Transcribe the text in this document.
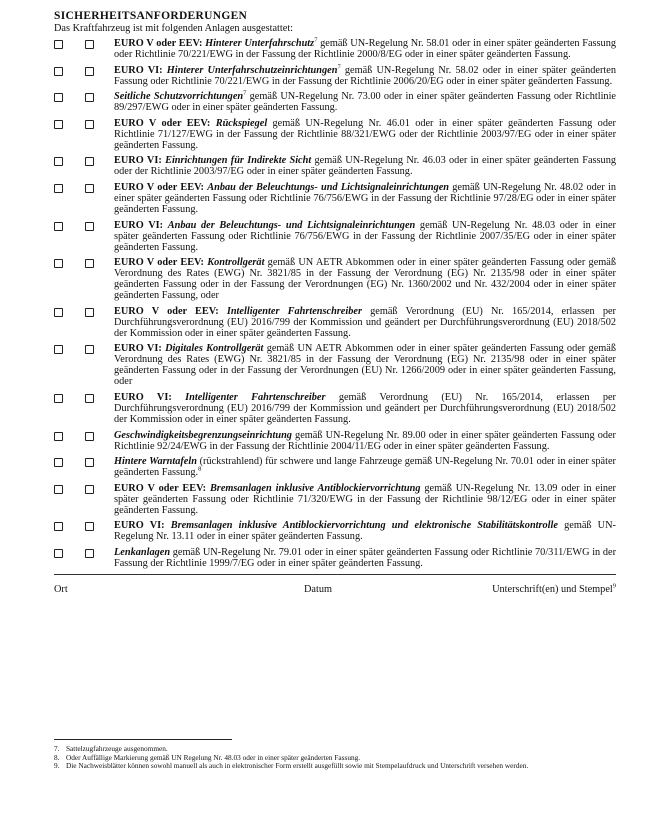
SICHERHEITSANFORDERUNGEN

Das Kraftfahrzeug ist mit folgenden Anlagen ausgestattet:

EURO V oder EEV: Hinterer Unterfahrschutz$^7$ gemäß UN-Regelung Nr. 58.01 oder in einer später geänderten Fassung oder Richtlinie 70/221/EWG in der Fassung der Richtlinie 2000/8/EG oder in einer später geänderten Fassung.
EURO VI: Hinterer Unterfahrschutzeinrichtungen$^7$ gemäß UN-Regelung Nr. 58.02 oder in einer später geänderten Fassung oder Richtlinie 70/221/EWG in der Fassung der Richtlinie 2006/20/EG oder in einer später geänderten Fassung.
Seitliche Schutzvorrichtungen$^7$ gemäß UN-Regelung Nr. 73.00 oder in einer später geänderten Fassung oder Richtlinie 89/297/EWG oder in einer später geänderten Fassung.
EURO V oder EEV: Rückspiegel gemäß UN-Regelung Nr. 46.01 oder in einer später geänderten Fassung oder Richtlinie 71/127/EWG in der Fassung der Richtlinie 88/321/EWG oder der Richtlinie 2003/97/EG oder in einer später geänderten Fassung.
EURO VI: Einrichtungen für Indirekte Sicht gemäß UN-Regelung Nr. 46.03 oder in einer später geänderten Fassung oder der Richtlinie 2003/97/EG oder in einer später geänderten Fassung.
EURO V oder EEV: Anbau der Beleuchtungs- und Lichtsignaleinrichtungen gemäß UN-Regelung Nr. 48.02 oder in einer später geänderten Fassung oder Richtlinie 76/756/EWG in der Fassung der Richtlinie 97/28/EG oder in einer später geänderten Fassung.
EURO VI: Anbau der Beleuchtungs- und Lichtsignaleinrichtungen gemäß UN-Regelung Nr. 48.03 oder in einer später geänderten Fassung oder Richtlinie 76/756/EWG in der Fassung der Richtlinie 2007/35/EG oder in einer später geänderten Fassung.
EURO V oder EEV: Kontrollgerät gemäß UN AETR Abkommen oder in einer später geänderten Fassung oder gemäß Verordnung des Rates (EWG) Nr. 3821/85 in der Fassung der Verordnung (EG) Nr. 2135/98 oder in einer später geänderten Fassung oder in der Fassung der Verordnungen (EG) Nr. 1360/2002 und Nr. 432/2004 oder in einer später geänderten Fassung, oder
EURO V oder EEV: Intelligenter Fahrtenschreiber gemäß Verordnung (EU) Nr. 165/2014, erlassen per Durchführungsverordnung (EU) 2016/799 der Kommission und geändert per Durchführungsverordnung (EU) 2018/502 der Kommission oder in einer später geänderten Fassung.
EURO VI: Digitales Kontrollgerät gemäß UN AETR Abkommen oder in einer später geänderten Fassung oder gemäß Verordnung des Rates (EWG) Nr. 3821/85 in der Fassung der Verordnung (EG) Nr. 2135/98 oder in einer später geänderten Fassung oder in der Fassung der Verordnungen (EU) Nr. 1266/2009 oder in einer später geänderten Fassung, oder
EURO VI: Intelligenter Fahrtenschreiber gemäß Verordnung (EU) Nr. 165/2014, erlassen per Durchführungsverordnung (EU) 2016/799 der Kommission und geändert per Durchführungsverordnung (EU) 2018/502 der Kommission oder in einer später geänderten Fassung.
Geschwindigkeitsbegrenzungseinrichtung gemäß UN-Regelung Nr. 89.00 oder in einer später geänderten Fassung oder Richtlinie 92/24/EWG in der Fassung der Richtlinie 2004/11/EG oder in einer später geänderten Fassung.
Hintere Warntafeln (rückstrahlend) für schwere und lange Fahrzeuge gemäß UN-Regelung Nr. 70.01 oder in einer später geänderten Fassung.$^8$
EURO V oder EEV: Bremsanlagen inklusive Antiblockiervorrichtung gemäß UN-Regelung Nr. 13.09 oder in einer später geänderten Fassung oder Richtlinie 71/320/EWG in der Fassung der Richtlinie 98/12/EG oder in einer später geänderten Fassung.
EURO VI: Bremsanlagen inklusive Antiblockiervorrichtung und elektronische Stabilitätskontrolle gemäß UN-Regelung Nr. 13.11 oder in einer später geänderten Fassung.
Lenkanlagen gemäß UN-Regelung Nr. 79.01 oder in einer später geänderten Fassung oder Richtlinie 70/311/EWG in der Fassung der Richtlinie 1999/7/EG oder in einer später geänderten Fassung.
Ort	Datum	Unterschrift(en) und Stempel$^9$
7. Sattelzugfahrzeuge ausgenommen.
8. Oder Auffällige Markierung gemäß UN Regelung Nr. 48.03 oder in einer später geänderten Fassung.
9. Die Nachweisblätter können sowohl manuell als auch in elektronischer Form erstellt ausgefüllt sowie mit Stempelaufdruck und Unterschrift versehen werden.
